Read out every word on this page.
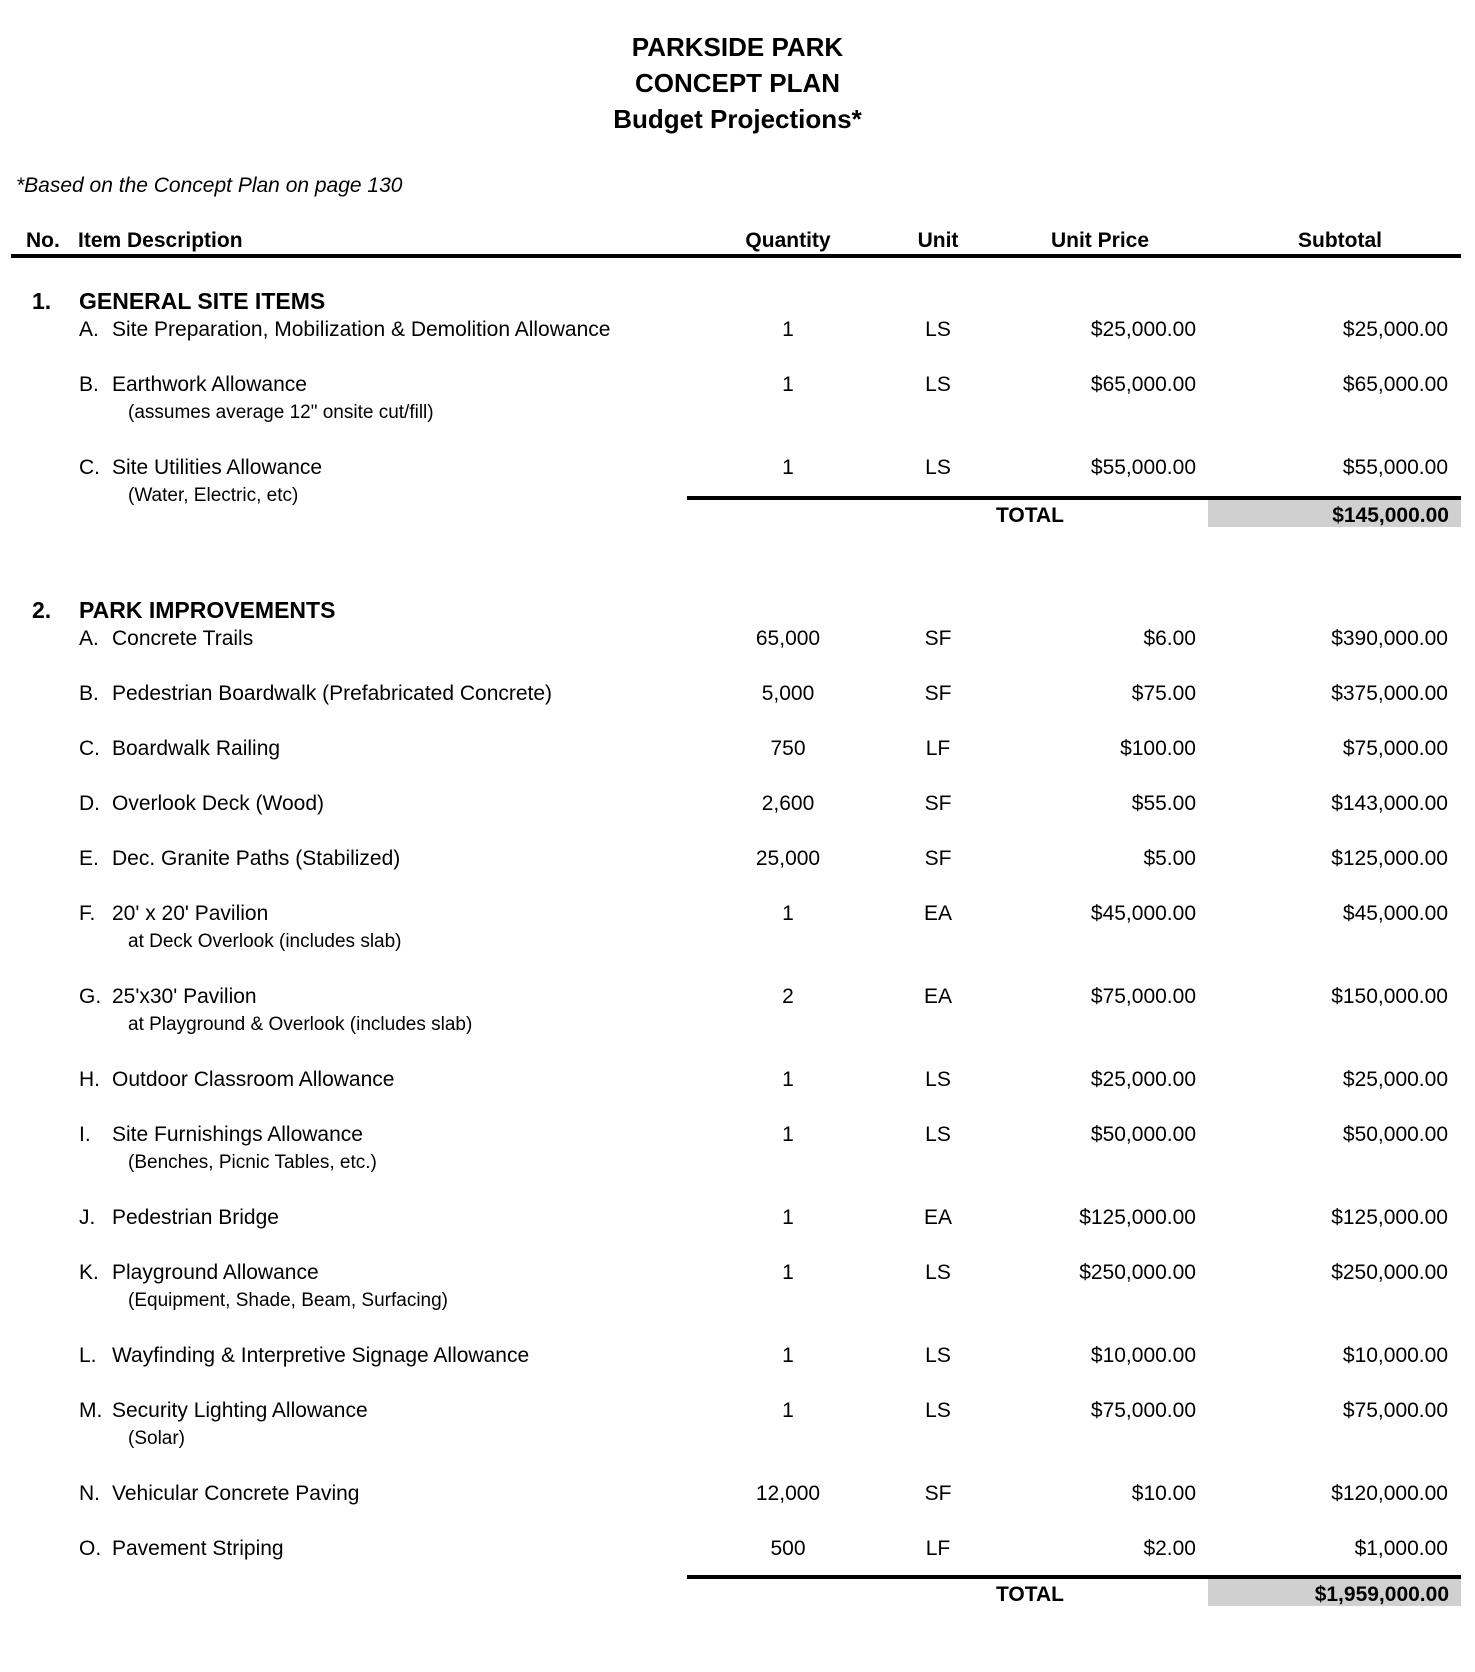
PARKSIDE PARK
CONCEPT PLAN
Budget Projections*
*Based on the Concept Plan on page 130
No. Item Description	Quantity	Unit	Unit Price	Subtotal
1. GENERAL SITE ITEMS
A. Site Preparation, Mobilization & Demolition Allowance	1	LS	$25,000.00	$25,000.00
B. Earthwork Allowance
(assumes average 12" onsite cut/fill)
1	LS	$65,000.00	$65,000.00
C. Site Utilities Allowance
(Water, Electric, etc)
1	LS	$55,000.00	$55,000.00
TOTAL	$145,000.00
2. PARK IMPROVEMENTS
A. Concrete Trails	65,000	SF	$6.00	$390,000.00
B. Pedestrian Boardwalk (Prefabricated Concrete)	5,000	SF	$75.00	$375,000.00
C. Boardwalk Railing	750	LF	$100.00	$75,000.00
D. Overlook Deck (Wood)	2,600	SF	$55.00	$143,000.00
E. Dec. Granite Paths (Stabilized)	25,000	SF	$5.00	$125,000.00
F. 20' x 20' Pavilion
at Deck Overlook (includes slab)
1	EA	$45,000.00	$45,000.00
G. 25'x30' Pavilion
at Playground & Overlook (includes slab)
2	EA	$75,000.00	$150,000.00
H. Outdoor Classroom Allowance	1	LS	$25,000.00	$25,000.00
I. Site Furnishings Allowance
(Benches, Picnic Tables, etc.)
1	LS	$50,000.00	$50,000.00
J. Pedestrian Bridge	1	EA	$125,000.00	$125,000.00
K. Playground Allowance
(Equipment, Shade, Beam, Surfacing)
1	LS	$250,000.00	$250,000.00
L. Wayfinding & Interpretive Signage Allowance	1	LS	$10,000.00	$10,000.00
M. Security Lighting Allowance
(Solar)
1	LS	$75,000.00	$75,000.00
N. Vehicular Concrete Paving	12,000	SF	$10.00	$120,000.00
O. Pavement Striping	500	LF	$2.00	$1,000.00
TOTAL	$1,959,000.00
